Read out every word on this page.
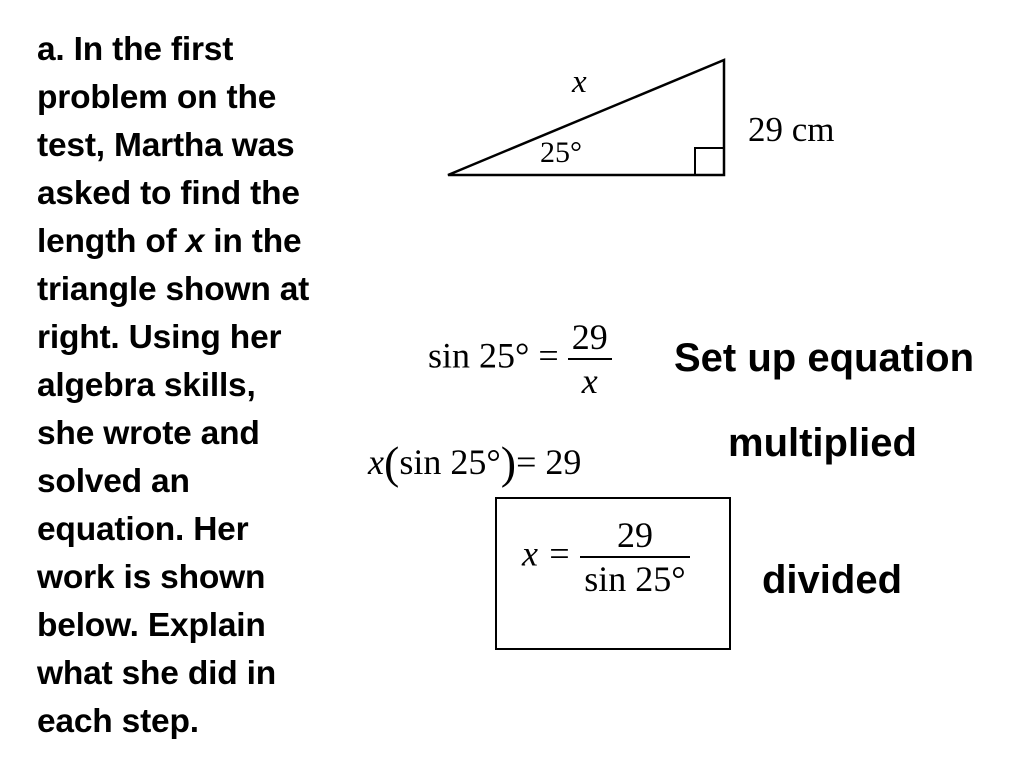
a. In the first
problem on the
test, Martha was
asked to find the
length of x in the
triangle shown at
right. Using her
algebra skills,
she wrote and
solved an
equation. Her
work is shown
below. Explain
what she did in
each step.
x
25°
29 cm
$\sin 25^\circ = \frac{29}{x}$
x(sin 25°)= 29
$x = \frac{29}{\sin 25^\circ}$
Set up equation
multiplied
divided
